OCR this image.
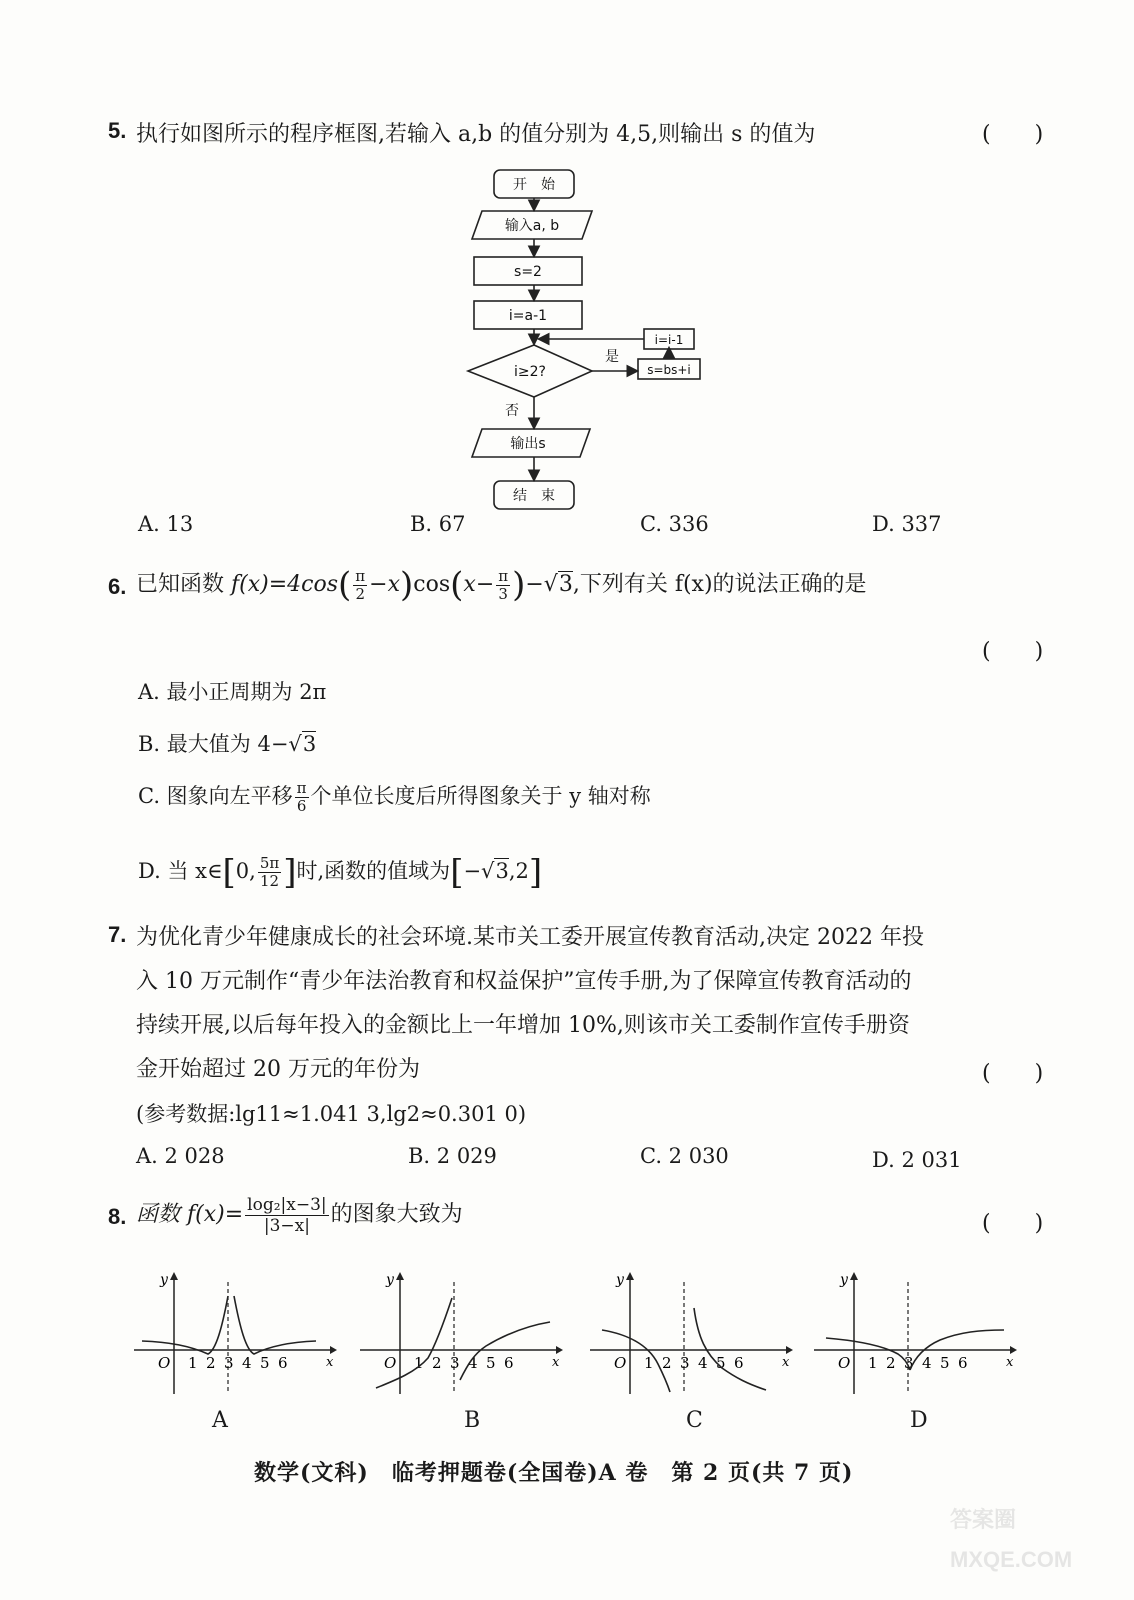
5. 执行如图所示的程序框图,若输入 a,b 的值分别为 4,5,则输出 s 的值为	(　　)
开　始
输入a, b
s=2
i=a-1
i≥2?
是
否
i=i-1
s=bs+i
输出s
结　束
A. 13	B. 67	C. 336	D. 337
6. 已知函数 $f(x)=4\cos( \frac{\pi}{2} -x)\cos(x- \frac{\pi}{3} )-√3$,下列有关 f(x)的说法正确的是
(　　)
A. 最小正周期为 2π
B. 最大值为 4−√3
C. 图象向左平移 $\frac{\pi}{6}$ 个单位长度后所得图象关于 y 轴对称
D. 当 x∈[0, $\frac{5\pi}{12}$ ]时,函数的值域为[−√3,2]
7. 为优化青少年健康成长的社会环境.某市关工委开展宣传教育活动,决定 2022 年投
入 10 万元制作“青少年法治教育和权益保护”宣传手册,为了保障宣传教育活动的
持续开展,以后每年投入的金额比上一年增加 10%,则该市关工委制作宣传手册资
金开始超过 20 万元的年份为	(　　)
(参考数据:lg11≈1.041 3,lg2≈0.301 0)
A. 2 028	B. 2 029	C. 2 030	D. 2 031
8. 函数 $f(x)= \frac{\text{log₂|x−3|}}{|3-x|}$ 的图象大致为	(　　)
y
x
O 1 2 3 4 5 6
y
x
O 1 2 3 4 5 6
y
x
O 1 2 3 4 5 6
y
x
O 1 2 3 4 5 6
A	B	C	D
数学(文科)　临考押题卷(全国卷)A 卷　第 2 页(共 7 页)
答案圈 MXQE.COM
